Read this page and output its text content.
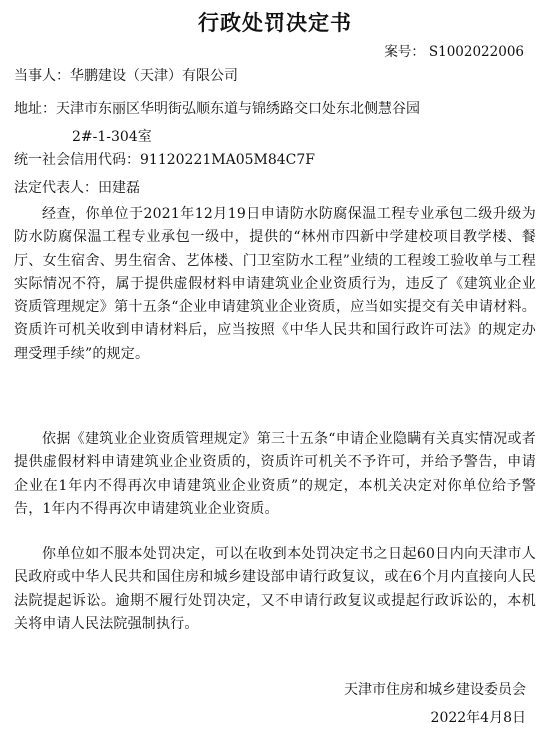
行政处罚决定书
案号： S1002022006
当事人：华鹏建设（天津）有限公司
地址：天津市东丽区华明街弘顺东道与锦绣路交口处东北侧慧谷园
2#-1-304室
统一社会信用代码：91120221MA05M84C7F
法定代表人：田建磊

经查，你单位于2021年12月19日申请防水防腐保温工程专业承包二级升级为防水防腐保温工程专业承包一级中，提供的“林州市四新中学建校项目教学楼、餐厅、女生宿舍、男生宿舍、艺体楼、门卫室防水工程”业绩的工程竣工验收单与工程实际情况不符，属于提供虚假材料申请建筑业企业资质行为，违反了《建筑业企业资质管理规定》第十五条“企业申请建筑业企业资质，应当如实提交有关申请材料。资质许可机关收到申请材料后，应当按照《中华人民共和国行政许可法》的规定办理受理手续”的规定。

依据《建筑业企业资质管理规定》第三十五条“申请企业隐瞒有关真实情况或者提供虚假材料申请建筑业企业资质的，资质许可机关不予许可，并给予警告，申请企业在1年内不得再次申请建筑业企业资质”的规定，本机关决定对你单位给予警告，1年内不得再次申请建筑业企业资质。

你单位如不服本处罚决定，可以在收到本处罚决定书之日起60日内向天津市人民政府或中华人民共和国住房和城乡建设部申请行政复议，或在6个月内直接向人民法院提起诉讼。逾期不履行处罚决定，又不申请行政复议或提起行政诉讼的，本机关将申请人民法院强制执行。

天津市住房和城乡建设委员会
2022年4月8日
